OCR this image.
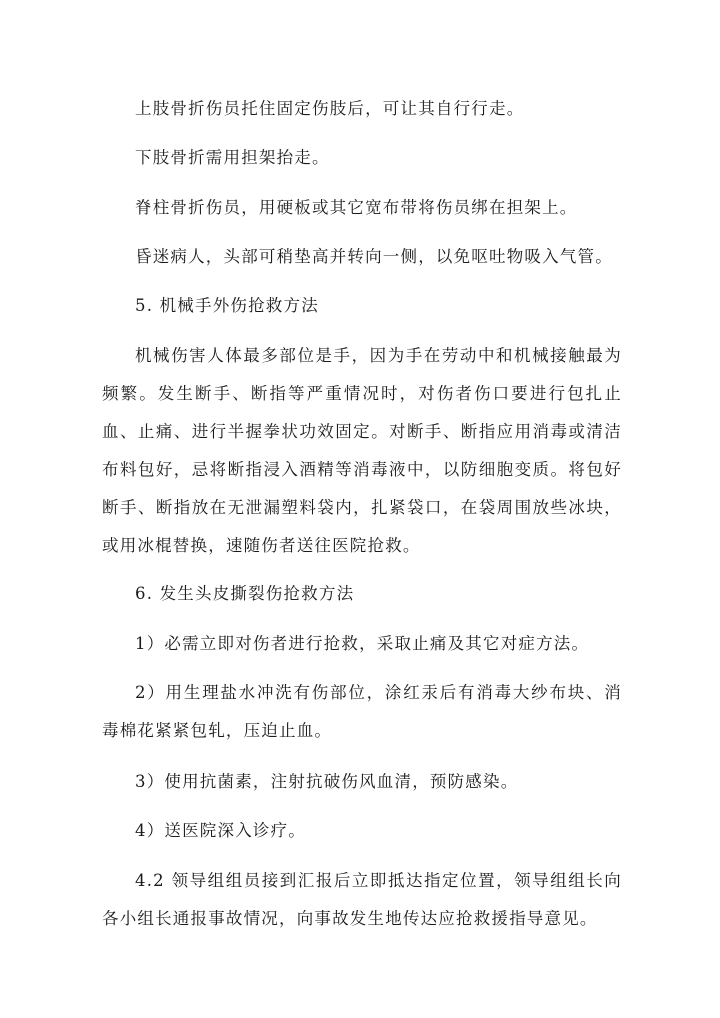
上肢骨折伤员托住固定伤肢后，可让其自行行走。

下肢骨折需用担架抬走。

脊柱骨折伤员，用硬板或其它宽布带将伤员绑在担架上。

昏迷病人，头部可稍垫高并转向一侧，以免呕吐物吸入气管。

5. 机械手外伤抢救方法

机械伤害人体最多部位是手，因为手在劳动中和机械接触最为频繁。发生断手、断指等严重情况时，对伤者伤口要进行包扎止血、止痛、进行半握拳状功效固定。对断手、断指应用消毒或清洁布料包好，忌将断指浸入酒精等消毒液中，以防细胞变质。将包好断手、断指放在无泄漏塑料袋内，扎紧袋口，在袋周围放些冰块，或用冰棍替换，速随伤者送往医院抢救。

6. 发生头皮撕裂伤抢救方法

1）必需立即对伤者进行抢救，采取止痛及其它对症方法。

2）用生理盐水冲洗有伤部位，涂红汞后有消毒大纱布块、消毒棉花紧紧包轧，压迫止血。

3）使用抗菌素，注射抗破伤风血清，预防感染。

4）送医院深入诊疗。

4.2 领导组组员接到汇报后立即抵达指定位置，领导组组长向各小组长通报事故情况，向事故发生地传达应抢救援指导意见。
